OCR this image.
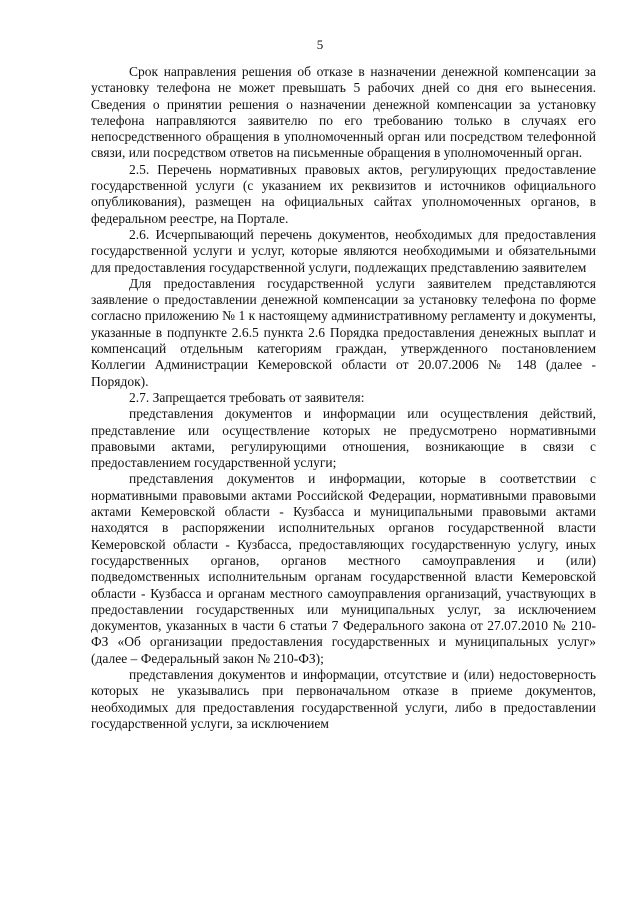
5

Срок направления решения об отказе в назначении денежной компенсации за установку телефона не может превышать 5 рабочих дней со дня его вынесения. Сведения о принятии решения о назначении денежной компенсации за установку телефона направляются заявителю по его требованию только в случаях его непосредственного обращения в уполномоченный орган или посредством телефонной связи, или посредством ответов на письменные обращения в уполномоченный орган.

2.5. Перечень нормативных правовых актов, регулирующих предоставление государственной услуги (с указанием их реквизитов и источников официального опубликования), размещен на официальных сайтах уполномоченных органов, в федеральном реестре, на Портале.

2.6. Исчерпывающий перечень документов, необходимых для предоставления государственной услуги и услуг, которые являются необходимыми и обязательными для предоставления государственной услуги, подлежащих представлению заявителем

Для предоставления государственной услуги заявителем представляются заявление о предоставлении денежной компенсации за установку телефона по форме согласно приложению № 1 к настоящему административному регламенту и документы, указанные в подпункте 2.6.5 пункта 2.6 Порядка предоставления денежных выплат и компенсаций отдельным категориям граждан, утвержденного постановлением Коллегии Администрации Кемеровской области от 20.07.2006 № 148 (далее - Порядок).

2.7. Запрещается требовать от заявителя:

представления документов и информации или осуществления действий, представление или осуществление которых не предусмотрено нормативными правовыми актами, регулирующими отношения, возникающие в связи с предоставлением государственной услуги;

представления документов и информации, которые в соответствии с нормативными правовыми актами Российской Федерации, нормативными правовыми актами Кемеровской области - Кузбасса и муниципальными правовыми актами находятся в распоряжении исполнительных органов государственной власти Кемеровской области - Кузбасса, предоставляющих государственную услугу, иных государственных органов, органов местного самоуправления и (или) подведомственных исполнительным органам государственной власти Кемеровской области - Кузбасса и органам местного самоуправления организаций, участвующих в предоставлении государственных или муниципальных услуг, за исключением документов, указанных в части 6 статьи 7 Федерального закона от 27.07.2010 № 210-ФЗ «Об организации предоставления государственных и муниципальных услуг» (далее – Федеральный закон № 210-ФЗ);

представления документов и информации, отсутствие и (или) недостоверность которых не указывались при первоначальном отказе в приеме документов, необходимых для предоставления государственной услуги, либо в предоставлении государственной услуги, за исключением
